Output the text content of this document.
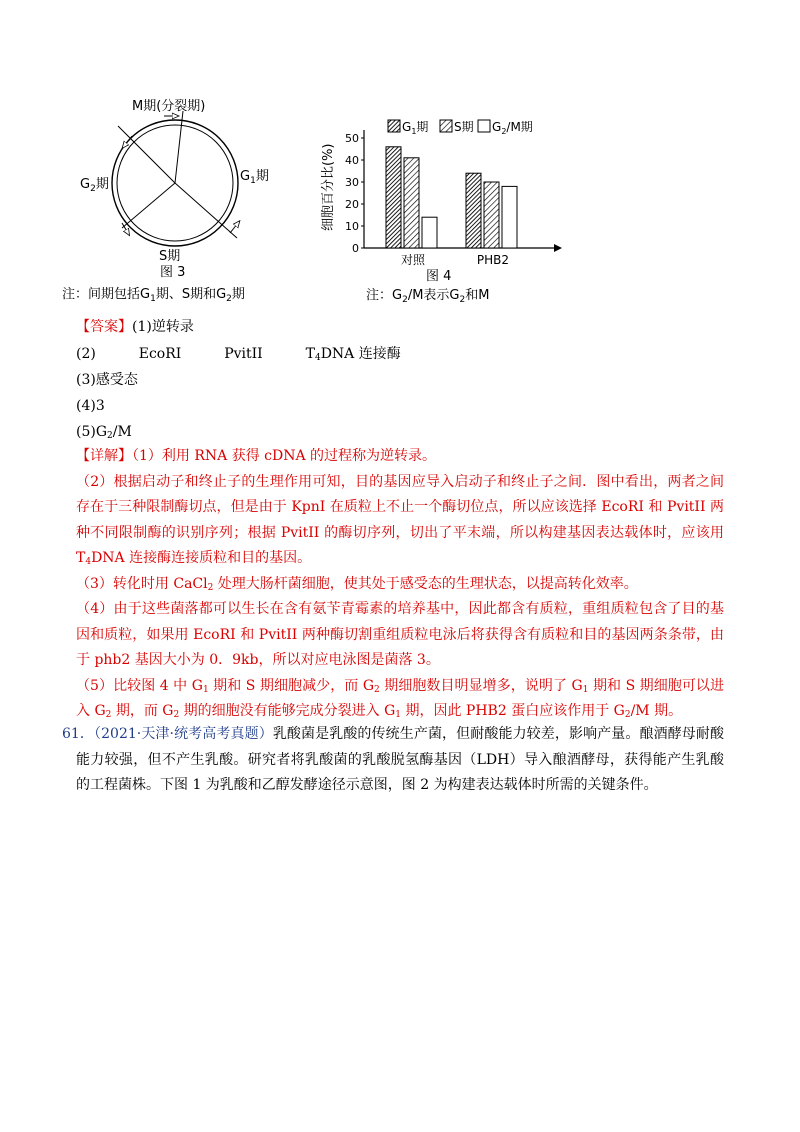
M期(分裂期)
$G_2$期
$G_1$期
S期
图 3
注：间期包括$G_1$期、S期和$G_2$期
0
10
20
30
40
50
对照	PHB2
$G_1$期 S期 $G_2/M$期
细胞百分比(%)
图 4
注：$G_2/M$表示$G_2$和M
【答案】(1)逆转录
(2)	EcoRI	PvitII	$T_4DNA$ 连接酶
(3)感受态
(4)3
$(5)G_2/M$

【详解】（1）利用 RNA 获得 cDNA 的过程称为逆转录。

（2）根据启动子和终止子的生理作用可知，目的基因应导入启动子和终止子之间．图中看出，两者之间存在于三种限制酶切点，但是由于 KpnI 在质粒上不止一个酶切位点，所以应该选择 EcoRI 和 PvitII 两种不同限制酶的识别序列；根据 PvitII 的酶切序列，切出了平末端，所以构建基因表达载体时，应该用 $T_4DNA$ 连接酶连接质粒和目的基因。

（3）转化时用 CaCl$_2$ 处理大肠杆菌细胞，使其处于感受态的生理状态，以提高转化效率。

（4）由于这些菌落都可以生长在含有氨苄青霉素的培养基中，因此都含有质粒，重组质粒包含了目的基因和质粒，如果用 EcoRI 和 PvitII 两种酶切割重组质粒电泳后将获得含有质粒和目的基因两条条带，由于 phb2 基因大小为 0．9kb，所以对应电泳图是菌落 3。

（5）比较图 4 中 $G_1$ 期和 S 期细胞减少，而 $G_2$ 期细胞数目明显增多，说明了 $G_1$ 期和 S 期细胞可以进入 $G_2$ 期，而 $G_2$ 期的细胞没有能够完成分裂进入 $G_1$ 期，因此 PHB2 蛋白应该作用于 $G_2/M$ 期。

61．（2021·天津·统考高考真题）乳酸菌是乳酸的传统生产菌，但耐酸能力较差，影响产量。酿酒酵母耐酸能力较强，但不产生乳酸。研究者将乳酸菌的乳酸脱氢酶基因（LDH）导入酿酒酵母，获得能产生乳酸的工程菌株。下图 1 为乳酸和乙醇发酵途径示意图，图 2 为构建表达载体时所需的关键条件。
